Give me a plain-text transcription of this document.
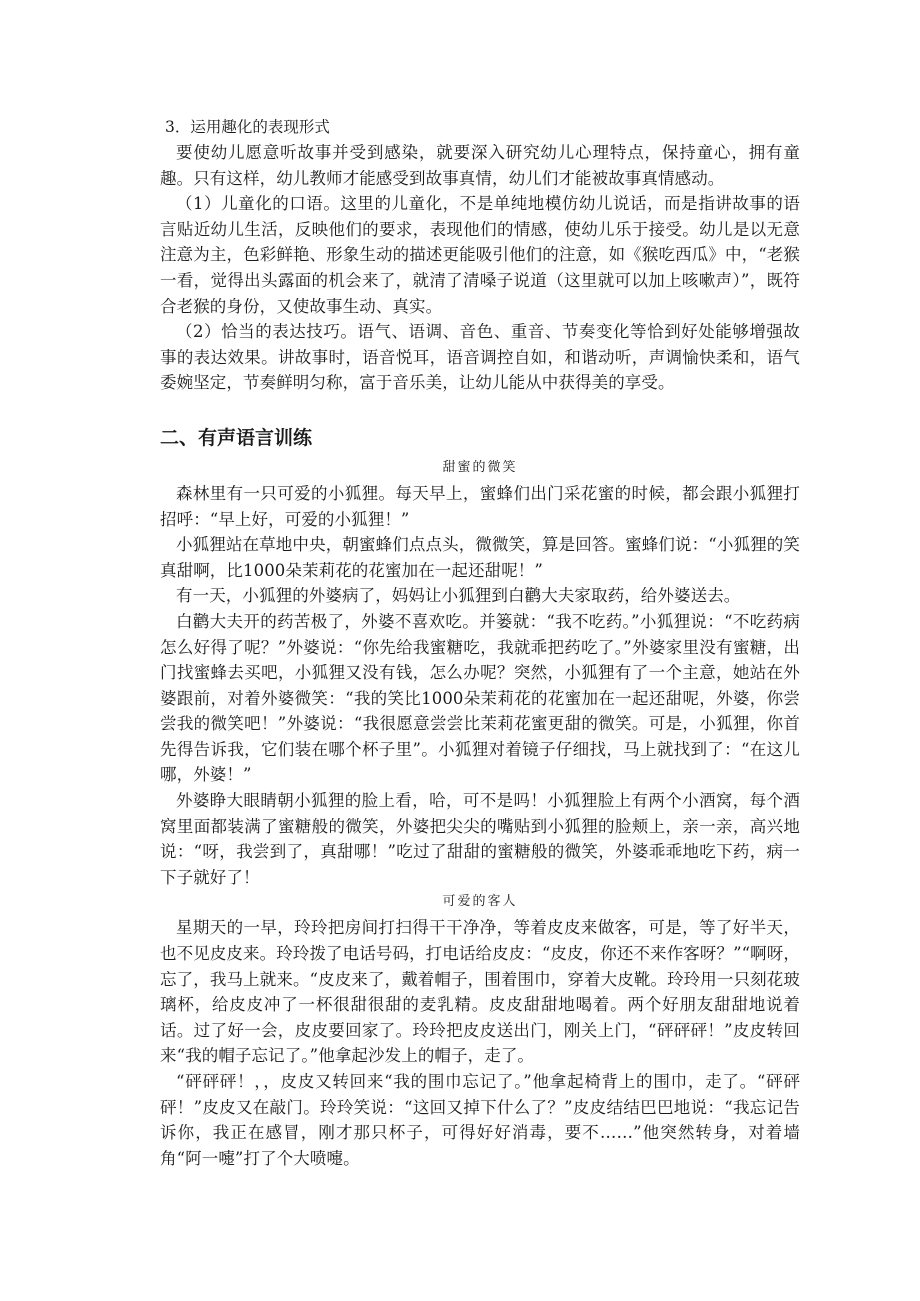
3．运用趣化的表现形式

要使幼儿愿意听故事并受到感染，就要深入研究幼儿心理特点，保持童心，拥有童趣。只有这样，幼儿教师才能感受到故事真情，幼儿们才能被故事真情感动。

（1）儿童化的口语。这里的儿童化，不是单纯地模仿幼儿说话，而是指讲故事的语言贴近幼儿生活，反映他们的要求，表现他们的情感，使幼儿乐于接受。幼儿是以无意注意为主，色彩鲜艳、形象生动的描述更能吸引他们的注意，如《猴吃西瓜》中，“老猴一看，觉得出头露面的机会来了，就清了清嗓子说道（这里就可以加上咳嗽声）”，既符合老猴的身份，又使故事生动、真实。

（2）恰当的表达技巧。语气、语调、音色、重音、节奏变化等恰到好处能够增强故事的表达效果。讲故事时，语音悦耳，语音调控自如，和谐动听，声调愉快柔和，语气委婉坚定，节奏鲜明匀称，富于音乐美，让幼儿能从中获得美的享受。

二、有声语言训练
甜蜜的微笑

森林里有一只可爱的小狐狸。每天早上，蜜蜂们出门采花蜜的时候，都会跟小狐狸打招呼：“早上好，可爱的小狐狸！”

小狐狸站在草地中央，朝蜜蜂们点点头，微微笑，算是回答。蜜蜂们说：“小狐狸的笑真甜啊，比1000朵茉莉花的花蜜加在一起还甜呢！”

有一天，小狐狸的外婆病了，妈妈让小狐狸到白鹳大夫家取药，给外婆送去。

白鹳大夫开的药苦极了，外婆不喜欢吃。并篓就：“我不吃药。”小狐狸说：“不吃药病怎么好得了呢？”外婆说：“你先给我蜜糖吃，我就乖把药吃了。”外婆家里没有蜜糖，出门找蜜蜂去买吧，小狐狸又没有钱，怎么办呢？突然，小狐狸有了一个主意，她站在外婆跟前，对着外婆微笑：“我的笑比1000朵茉莉花的花蜜加在一起还甜呢，外婆，你尝尝我的微笑吧！”外婆说：“我很愿意尝尝比茉莉花蜜更甜的微笑。可是，小狐狸，你首先得告诉我，它们装在哪个杯子里”。小狐狸对着镜子仔细找，马上就找到了：“在这儿哪，外婆！”

外婆睁大眼睛朝小狐狸的脸上看，哈，可不是吗！小狐狸脸上有两个小酒窝，每个酒窝里面都装满了蜜糖般的微笑，外婆把尖尖的嘴贴到小狐狸的脸颊上，亲一亲，高兴地说：“呀，我尝到了，真甜哪！”吃过了甜甜的蜜糖般的微笑，外婆乖乖地吃下药，病一下子就好了！

可爱的客人

星期天的一早，玲玲把房间打扫得干干净净，等着皮皮来做客，可是，等了好半天，也不见皮皮来。玲玲拨了电话号码，打电话给皮皮：“皮皮，你还不来作客呀？”“啊呀，忘了，我马上就来。“皮皮来了，戴着帽子，围着围巾，穿着大皮靴。玲玲用一只刻花玻璃杯，给皮皮冲了一杯很甜很甜的麦乳精。皮皮甜甜地喝着。两个好朋友甜甜地说着话。过了好一会，皮皮要回家了。玲玲把皮皮送出门，刚关上门，“砰砰砰！”皮皮转回来“我的帽子忘记了。”他拿起沙发上的帽子，走了。

“砰砰砰！，，皮皮又转回来“我的围巾忘记了。”他拿起椅背上的围巾，走了。“砰砰砰！”皮皮又在敲门。玲玲笑说：“这回又掉下什么了？”皮皮结结巴巴地说：“我忘记告诉你，我正在感冒，刚才那只杯子，可得好好消毒，要不……”他突然转身，对着墙角“阿一嚏”打了个大喷嚏。
